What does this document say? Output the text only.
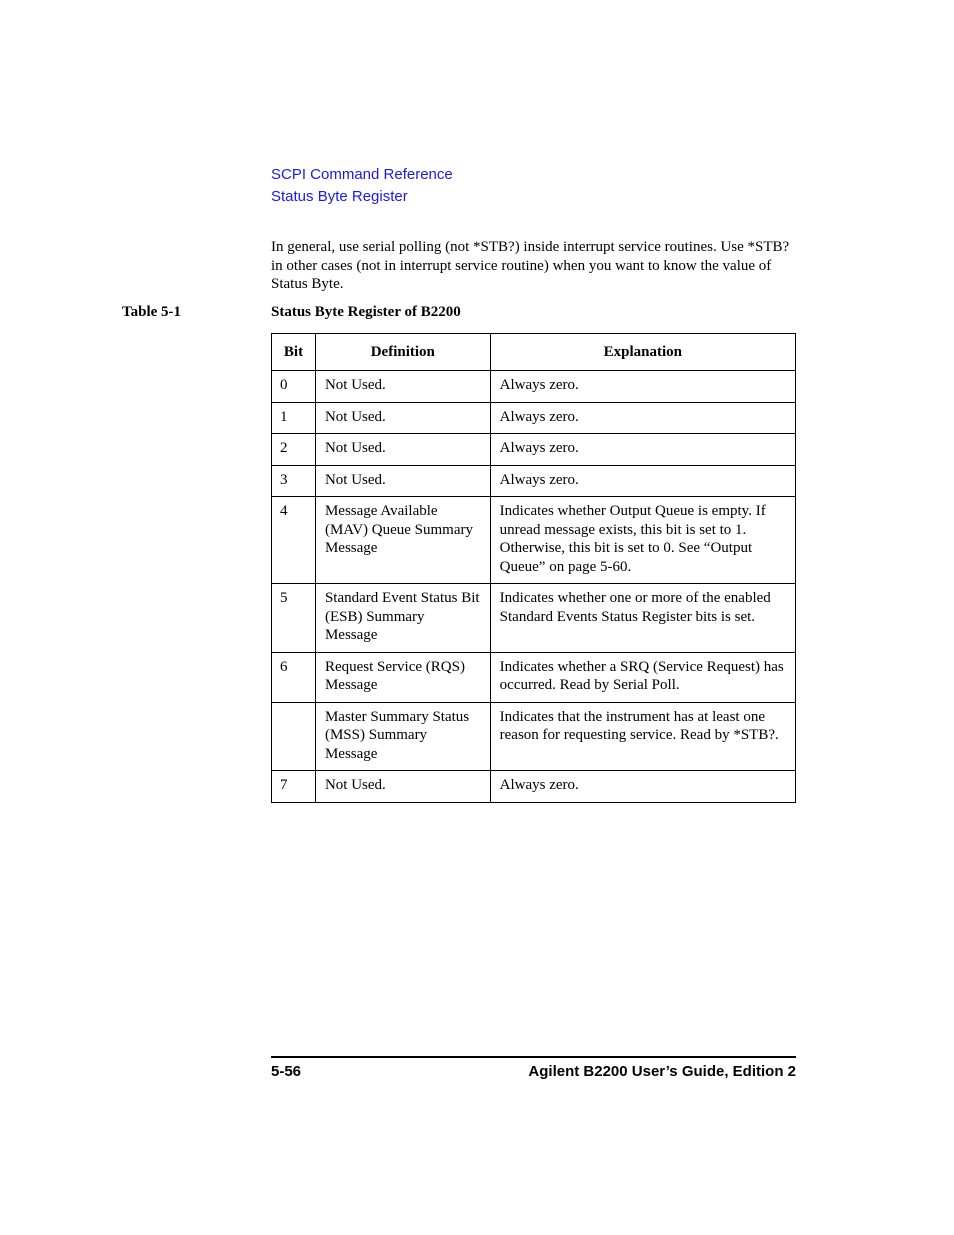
SCPI Command Reference
Status Byte Register

In general, use serial polling (not *STB?) inside interrupt service routines. Use *STB? in other cases (not in interrupt service routine) when you want to know the value of Status Byte.

Table 5-1	Status Byte Register of B2200
Bit	Definition	Explanation
0	Not Used.	Always zero.
1	Not Used.	Always zero.
2	Not Used.	Always zero.
3	Not Used.	Always zero.
4	Message Available (MAV) Queue Summary Message	Indicates whether Output Queue is empty. If unread message exists, this bit is set to 1. Otherwise, this bit is set to 0. See “Output Queue” on page 5-60.
5	Standard Event Status Bit (ESB) Summary Message	Indicates whether one or more of the enabled Standard Events Status Register bits is set.
6	Request Service (RQS) Message	Indicates whether a SRQ (Service Request) has occurred. Read by Serial Poll.
	Master Summary Status (MSS) Summary Message	Indicates that the instrument has at least one reason for requesting service. Read by *STB?.
7	Not Used.	Always zero.
5-56	Agilent B2200 User’s Guide, Edition 2
